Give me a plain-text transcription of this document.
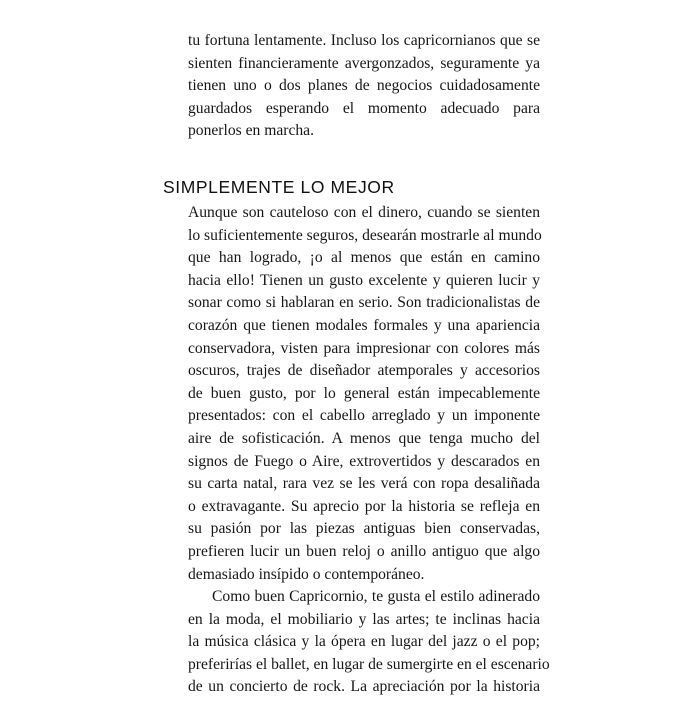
tu fortuna lentamente. Incluso los capricornianos que se
sienten financieramente avergonzados, seguramente ya
tienen uno o dos planes de negocios cuidadosamente
guardados esperando el momento adecuado para
ponerlos en marcha.
SIMPLEMENTE LO MEJOR
Aunque son cauteloso con el dinero, cuando se sienten
lo suficientemente seguros, desearán mostrarle al mundo
que han logrado, ¡o al menos que están en camino
hacia ello! Tienen un gusto excelente y quieren lucir y
sonar como si hablaran en serio. Son tradicionalistas de
corazón que tienen modales formales y una apariencia
conservadora, visten para impresionar con colores más
oscuros, trajes de diseñador atemporales y accesorios
de buen gusto, por lo general están impecablemente
presentados: con el cabello arreglado y un imponente
aire de sofisticación. A menos que tenga mucho del
signos de Fuego o Aire, extrovertidos y descarados en
su carta natal, rara vez se les verá con ropa desaliñada
o extravagante. Su aprecio por la historia se refleja en
su pasión por las piezas antiguas bien conservadas,
prefieren lucir un buen reloj o anillo antiguo que algo
demasiado insípido o contemporáneo.
Como buen Capricornio, te gusta el estilo adinerado
en la moda, el mobiliario y las artes; te inclinas hacia
la música clásica y la ópera en lugar del jazz o el pop;
preferirías el ballet, en lugar de sumergirte en el escenario
de un concierto de rock. La apreciación por la historia
